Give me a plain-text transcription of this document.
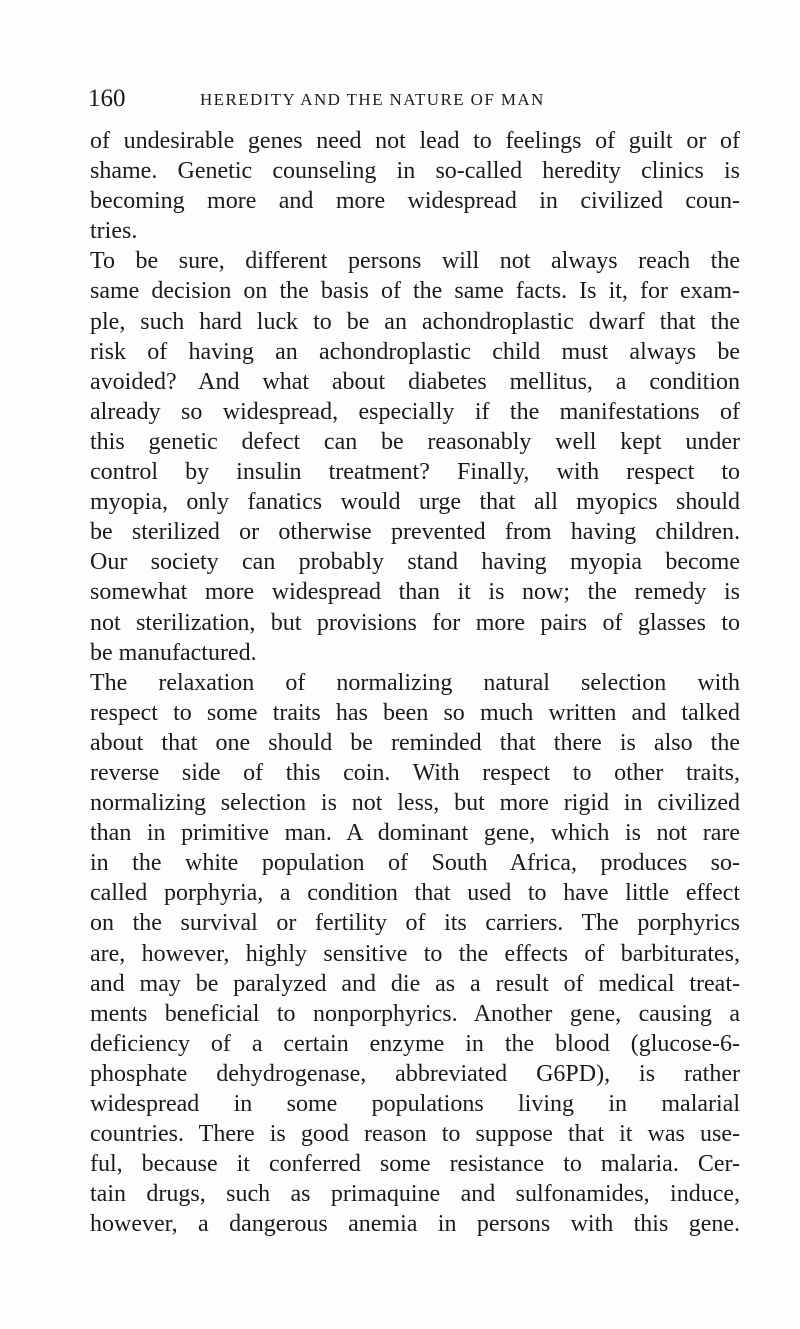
160	HEREDITY AND THE NATURE OF MAN
of undesirable genes need not lead to feelings of guilt or of
shame. Genetic counseling in so-called heredity clinics is
becoming more and more widespread in civilized coun-
tries.
To be sure, different persons will not always reach the
same decision on the basis of the same facts. Is it, for exam-
ple, such hard luck to be an achondroplastic dwarf that the
risk of having an achondroplastic child must always be
avoided? And what about diabetes mellitus, a condition
already so widespread, especially if the manifestations of
this genetic defect can be reasonably well kept under
control by insulin treatment? Finally, with respect to
myopia, only fanatics would urge that all myopics should
be sterilized or otherwise prevented from having children.
Our society can probably stand having myopia become
somewhat more widespread than it is now; the remedy is
not sterilization, but provisions for more pairs of glasses to
be manufactured.
The relaxation of normalizing natural selection with
respect to some traits has been so much written and talked
about that one should be reminded that there is also the
reverse side of this coin. With respect to other traits,
normalizing selection is not less, but more rigid in civilized
than in primitive man. A dominant gene, which is not rare
in the white population of South Africa, produces so-
called porphyria, a condition that used to have little effect
on the survival or fertility of its carriers. The porphyrics
are, however, highly sensitive to the effects of barbiturates,
and may be paralyzed and die as a result of medical treat-
ments beneficial to nonporphyrics. Another gene, causing a
deficiency of a certain enzyme in the blood (glucose-6-
phosphate dehydrogenase, abbreviated G6PD), is rather
widespread in some populations living in malarial
countries. There is good reason to suppose that it was use-
ful, because it conferred some resistance to malaria. Cer-
tain drugs, such as primaquine and sulfonamides, induce,
however, a dangerous anemia in persons with this gene.
